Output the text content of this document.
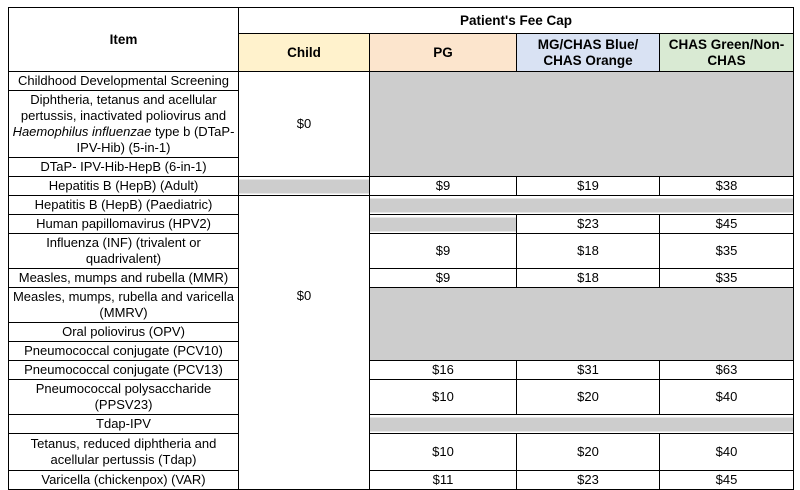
Item	Patient's Fee Cap			
	Child	PG	MG/CHAS Blue/ CHAS Orange	CHAS Green/Non-CHAS
Childhood Developmental Screening	$0			
Diphtheria, tetanus and acellular pertussis, inactivated poliovirus and Haemophilus influenzae type b (DTaP- IPV-Hib) (5-in-1)				
DTaP- IPV-Hib-HepB (6-in-1)				
Hepatitis B (HepB) (Adult)		$9	$19	$38
Hepatitis B (HepB) (Paediatric)	$0			
Human papillomavirus (HPV2)			$23	$45
Influenza (INF) (trivalent or quadrivalent)		$9	$18	$35
Measles, mumps and rubella (MMR)		$9	$18	$35
Measles, mumps, rubella and varicella (MMRV)				
Oral poliovirus (OPV)				
Pneumococcal conjugate (PCV10)				
Pneumococcal conjugate (PCV13)		$16	$31	$63
Pneumococcal polysaccharide (PPSV23)		$10	$20	$40
Tdap-IPV				
Tetanus, reduced diphtheria and acellular pertussis (Tdap)		$10	$20	$40
Varicella (chickenpox) (VAR)		$11	$23	$45
